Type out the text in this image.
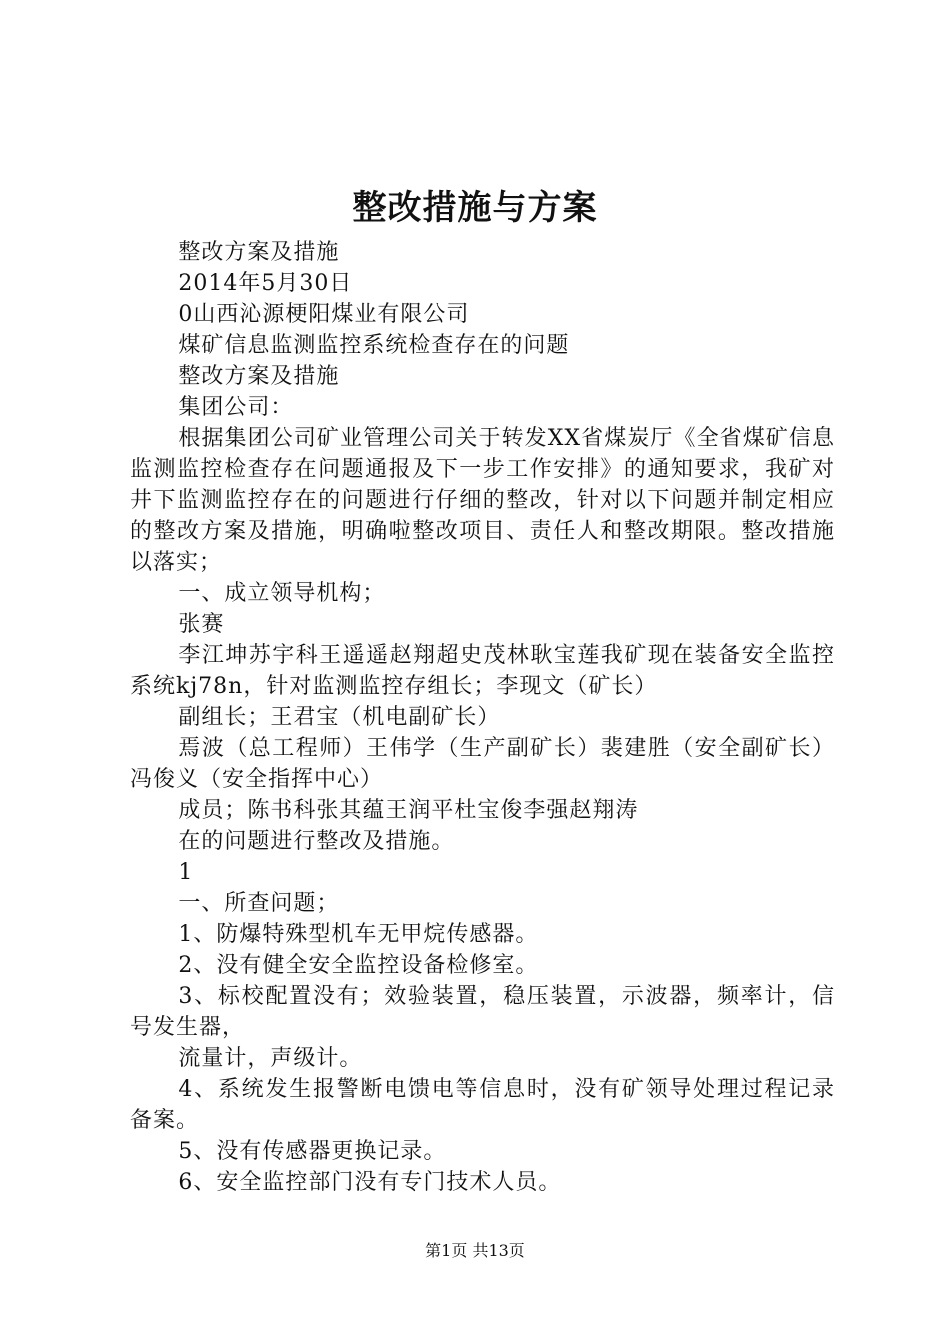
整改措施与方案

整改方案及措施

2014年5月30日

0山西沁源梗阳煤业有限公司

煤矿信息监测监控系统检查存在的问题

整改方案及措施

集团公司：

根据集团公司矿业管理公司关于转发XX省煤炭厅《全省煤矿信息监测监控检查存在问题通报及下一步工作安排》的通知要求，我矿对井下监测监控存在的问题进行仔细的整改，针对以下问题并制定相应的整改方案及措施，明确啦整改项目、责任人和整改期限。整改措施以落实；

一、成立领导机构；

张赛

李江坤苏宇科王遥遥赵翔超史茂林耿宝莲我矿现在装备安全监控系统kj78n，针对监测监控存组长；李现文（矿长）

副组长；王君宝（机电副矿长）

焉波（总工程师）王伟学（生产副矿长）裴建胜（安全副矿长）冯俊义（安全指挥中心）

成员；陈书科张其蕴王润平杜宝俊李强赵翔涛

在的问题进行整改及措施。

1

一、所查问题；

1、防爆特殊型机车无甲烷传感器。

2、没有健全安全监控设备检修室。

3、标校配置没有；效验装置，稳压装置，示波器，频率计，信号发生器，

流量计，声级计。

4、系统发生报警断电馈电等信息时，没有矿领导处理过程记录备案。

5、没有传感器更换记录。

6、安全监控部门没有专门技术人员。

第1页 共13页
